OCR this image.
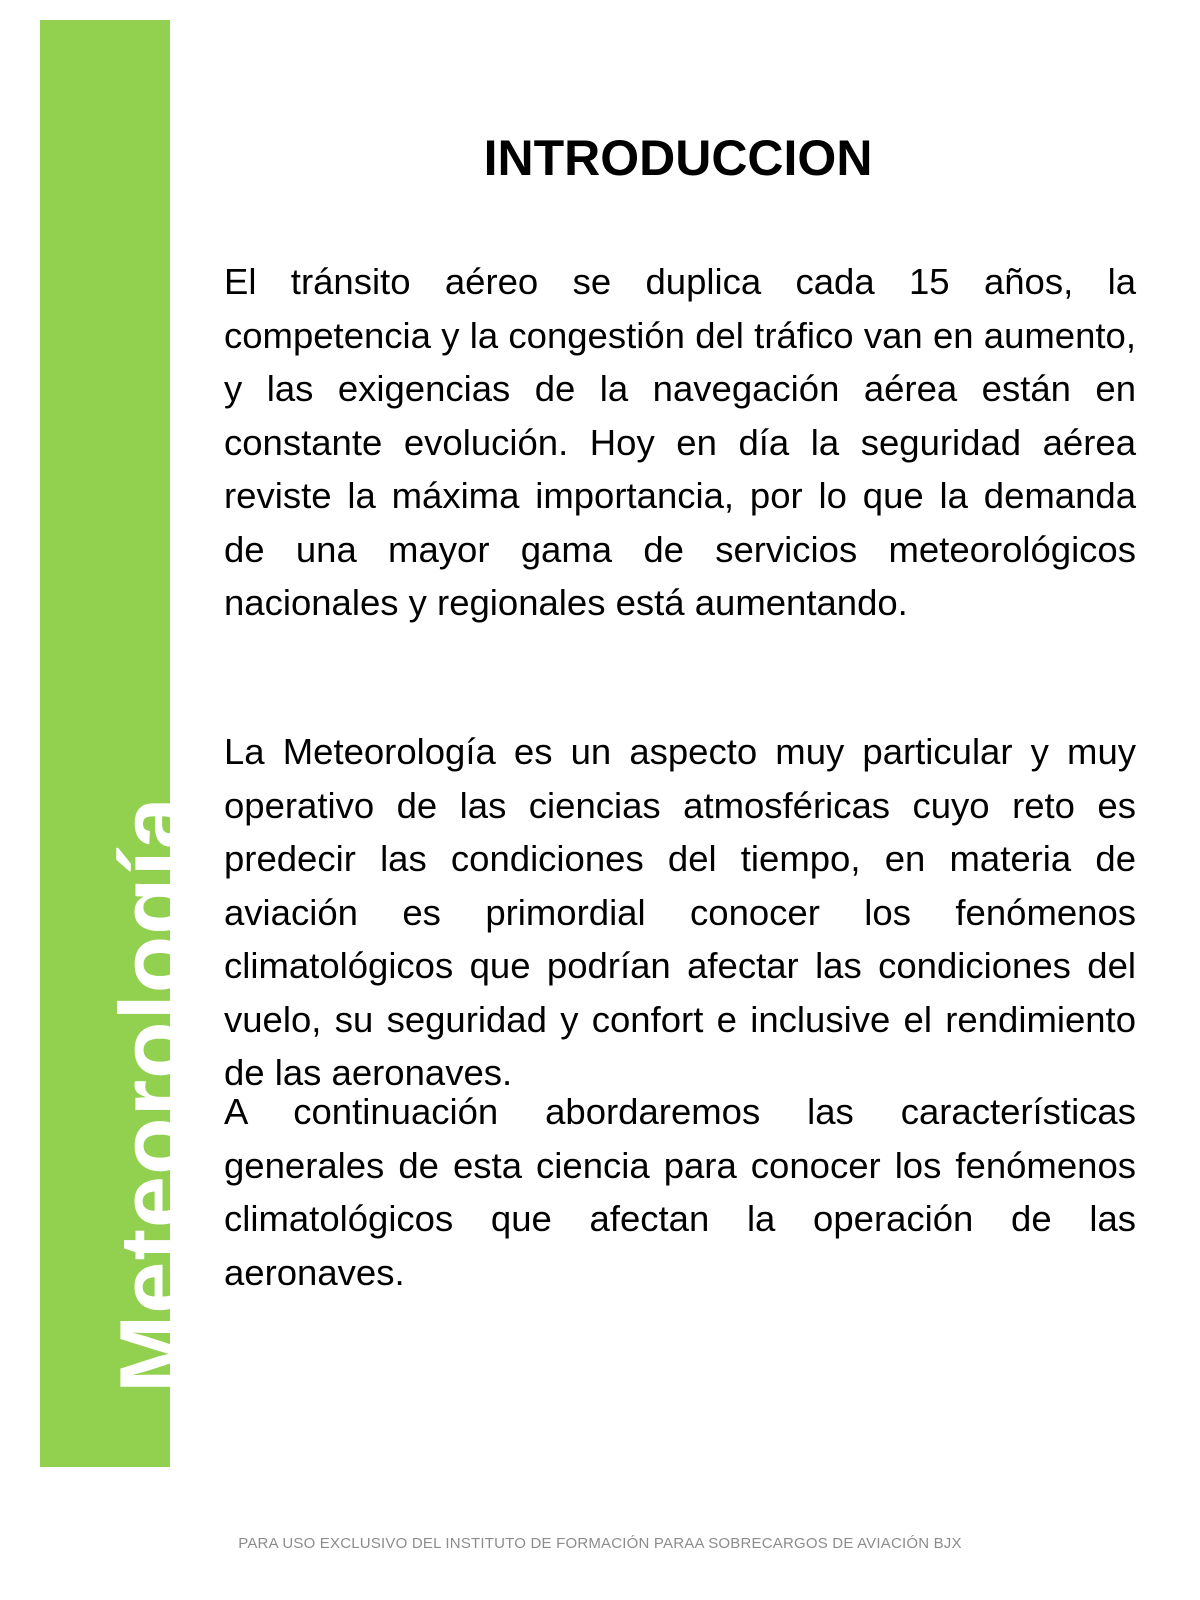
Meteorología
INTRODUCCION

El tránsito aéreo se duplica cada 15 años, la competencia y la congestión del tráfico van en aumento, y las exigencias de la navegación aérea están en constante evolución. Hoy en día la seguridad aérea reviste la máxima importancia, por lo que la demanda de una mayor gama de servicios meteorológicos nacionales y regionales está aumentando.

La Meteorología es un aspecto muy particular y muy operativo de las ciencias atmosféricas cuyo reto es predecir las condiciones del tiempo, en materia de aviación es primordial conocer los fenómenos climatológicos que podrían afectar las condiciones del vuelo, su seguridad y confort e inclusive el rendimiento de las aeronaves.

A continuación abordaremos las características generales de esta ciencia para conocer los fenómenos climatológicos que afectan la operación de las aeronaves.

PARA USO EXCLUSIVO DEL INSTITUTO DE FORMACIÓN PARAA SOBRECARGOS DE AVIACIÓN BJX
